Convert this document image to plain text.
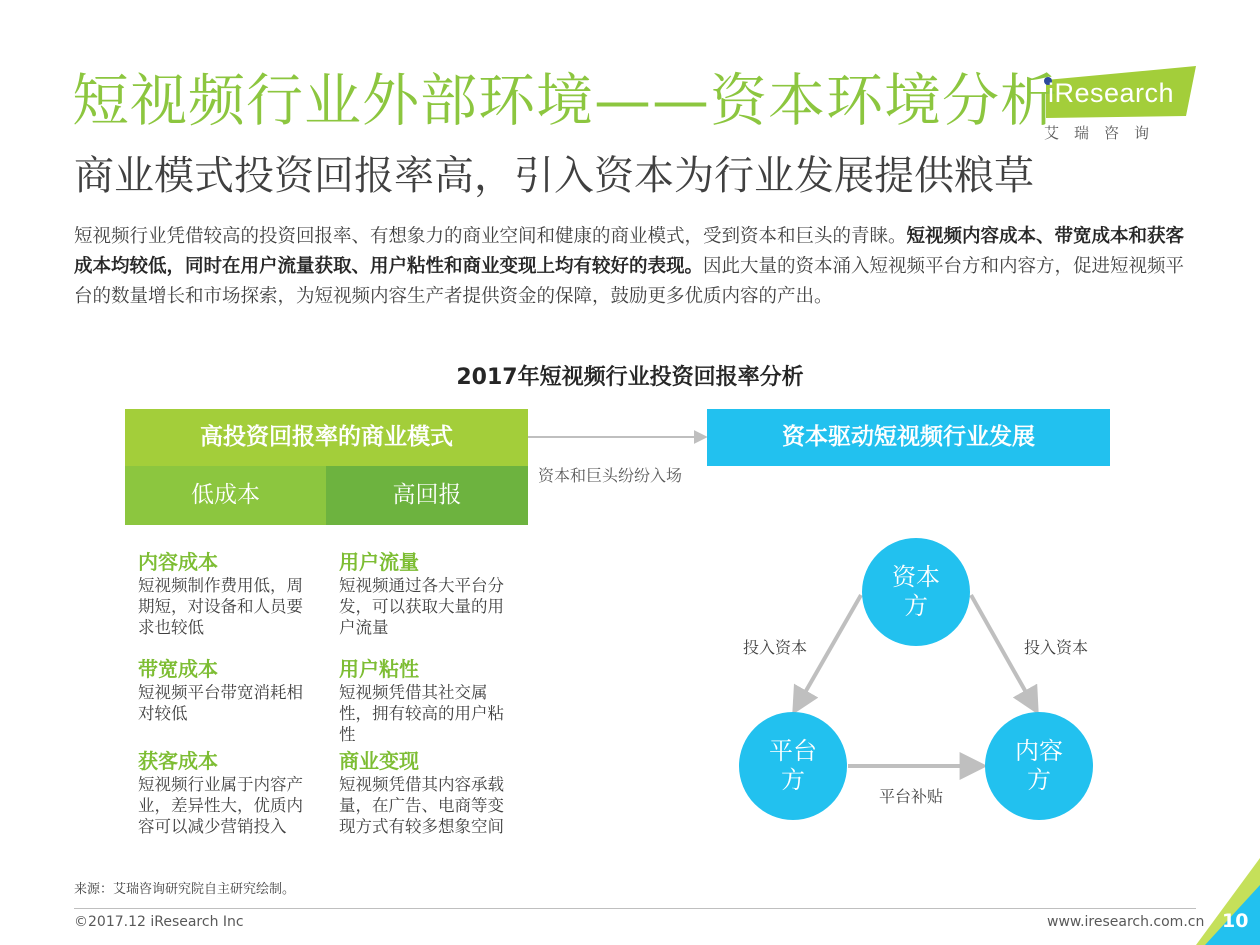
短视频行业外部环境——资本环境分析
商业模式投资回报率高，引入资本为行业发展提供粮草
iResearch
艾瑞咨询
短视频行业凭借较高的投资回报率、有想象力的商业空间和健康的商业模式，受到资本和巨头的青睐。短视频内容成本、带宽成本和获客成本均较低，同时在用户流量获取、用户粘性和商业变现上均有较好的表现。因此大量的资本涌入短视频平台方和内容方，促进短视频平台的数量增长和市场探索，为短视频内容生产者提供资金的保障，鼓励更多优质内容的产出。
2017年短视频行业投资回报率分析
高投资回报率的商业模式
低成本	高回报
资本驱动短视频行业发展
资本和巨头纷纷入场
内容成本
短视频制作费用低，周期短，对设备和人员要求也较低
带宽成本
短视频平台带宽消耗相对较低
获客成本
短视频行业属于内容产业，差异性大，优质内容可以减少营销投入
用户流量
短视频通过各大平台分发，可以获取大量的用户流量
用户粘性
短视频凭借其社交属性，拥有较高的用户粘性
商业变现
短视频凭借其内容承载量，在广告、电商等变现方式有较多想象空间
资本方
平台方
内容方
投入资本	投入资本
平台补贴
来源：艾瑞咨询研究院自主研究绘制。
©2017.12 iResearch Inc	www.iresearch.com.cn 10
